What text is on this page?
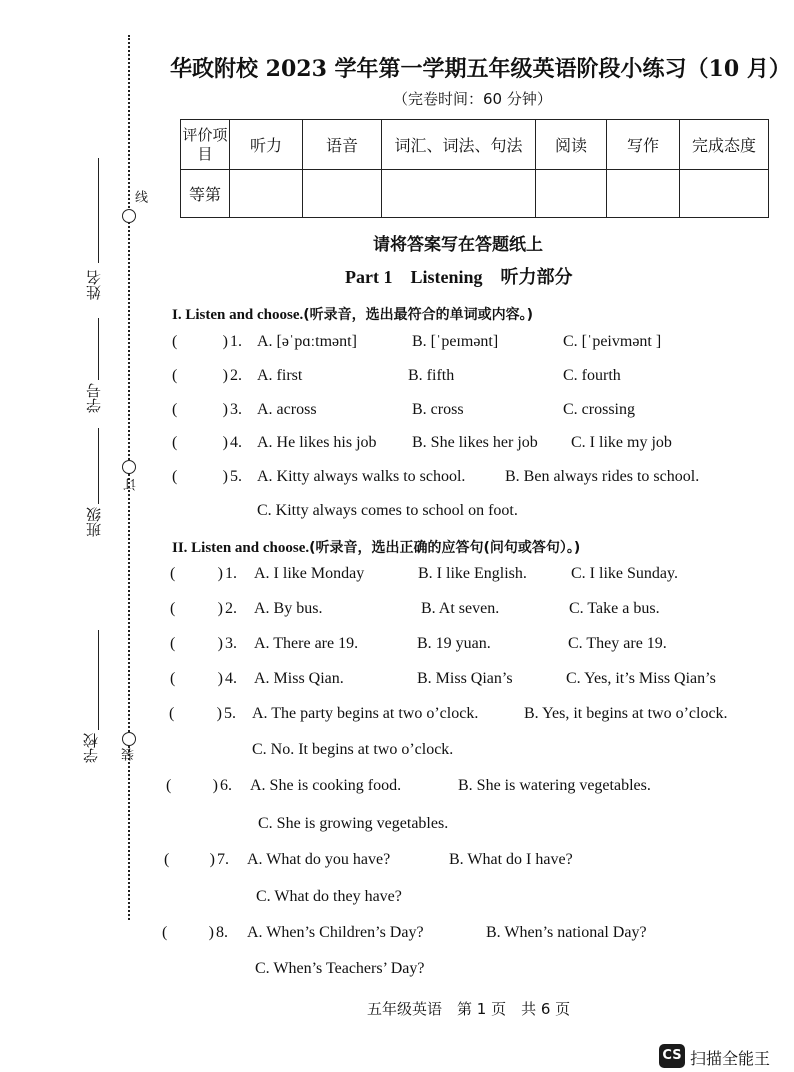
线
订
装
姓名
学号
班级
学校
华政附校 2023 学年第一学期五年级英语阶段小练习（10 月）
（完卷时间：60 分钟）
评价项目	听力	语音	词汇、词法、句法	阅读	写作	完成态度
等第						
请将答案写在答题纸上
Part 1　Listening　听力部分
I. Listen and choose.(听录音，选出最符合的单词或内容。)
(	) 1. A. [əˈpɑːtmənt]	B. [ˈpeɪmənt]	C. [ˈpeivmənt ]
(	) 2. A. first	B. fifth	C. fourth
(	) 3. A. across	B. cross	C. crossing
(	) 4. A. He likes his job B. She likes her job C. I like my job
(	) 5. A. Kitty always walks to school. B. Ben always rides to school.
C. Kitty always comes to school on foot.
(	) 1. A. I like Monday	B. I like English.	C. I like Sunday.
(	) 2. A. By bus.	B. At seven.	C. Take a bus.
(	) 3. A. There are 19.	B. 19 yuan.	C. They are 19.
(	) 4. A. Miss Qian.	B. Miss Qian’s	C. Yes, it’s Miss Qian’s
(	) 5. A. The party begins at two o’clock.	B. Yes, it begins at two o’clock.
C. No. It begins at two o’clock.
(	) 6. A. She is cooking food.	B. She is watering vegetables.
C. She is growing vegetables.
(	) 7. A. What do you have?	B. What do I have?
C. What do they have?
(	) 8. A. When’s Children’s Day?	B. When’s national Day?
C. When’s Teachers’ Day?
II. Listen and choose.(听录音，选出正确的应答句(问句或答句）。)
五年级英语　第 1 页　共 6 页
CS 扫描全能王
